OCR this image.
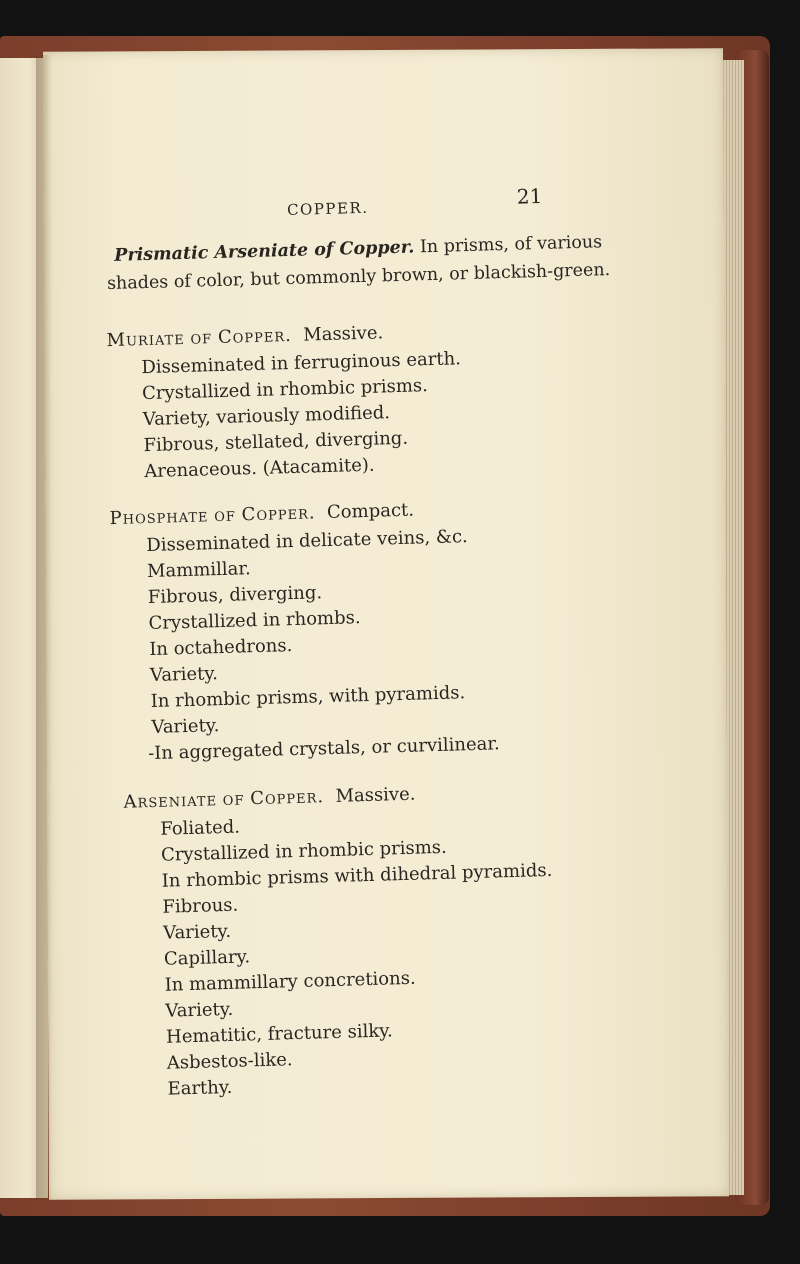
COPPER.
21
Prismatic Arseniate of Copper. In prisms, of various
shades of color, but commonly brown, or blackish-green.
Muriate of Copper. Massive.
Disseminated in ferruginous earth.
Crystallized in rhombic prisms.
Variety, variously modified.
Fibrous, stellated, diverging.
Arenaceous. (Atacamite).
Phosphate of Copper. Compact.
Disseminated in delicate veins, &c.
Mammillar.
Fibrous, diverging.
Crystallized in rhombs.
In octahedrons.
Variety.
In rhombic prisms, with pyramids.
Variety.
-In aggregated crystals, or curvilinear.
Arseniate of Copper. Massive.
Foliated.
Crystallized in rhombic prisms.
In rhombic prisms with dihedral pyramids.
Fibrous.
Variety.
Capillary.
In mammillary concretions.
Variety.
Hematitic, fracture silky.
Asbestos-like.
Earthy.
